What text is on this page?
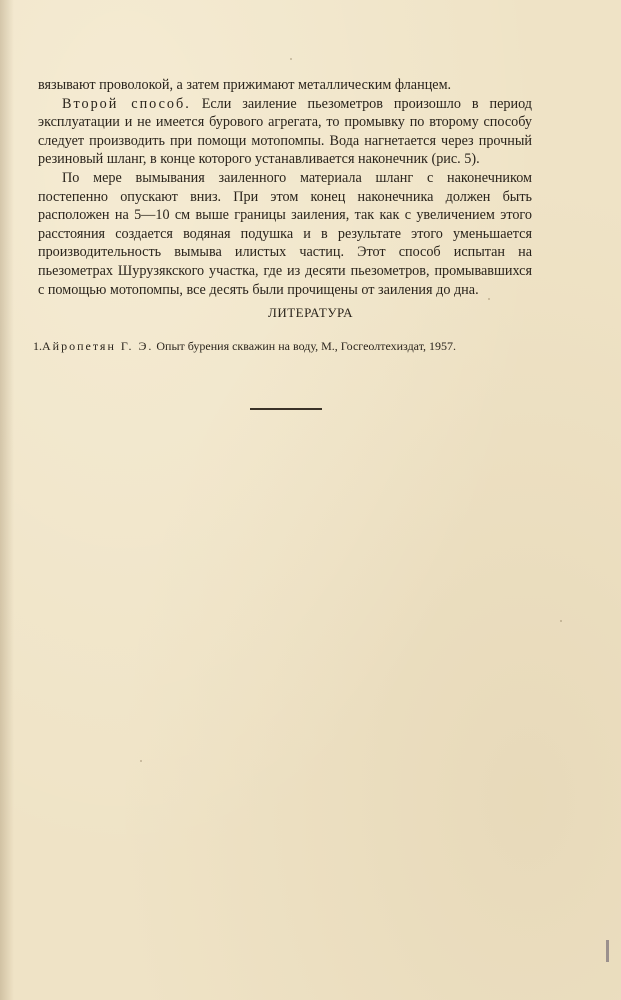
вязывают проволокой, а затем прижимают металлическим фланцем.

Второй способ. Если заиление пьезометров произошло в период эксплуатации и не имеется бурового агрегата, то промывку по второму способу следует производить при помощи мотопомпы. Вода нагнетается через прочный резиновый шланг, в конце которого устанавливается наконечник (рис. 5).

По мере вымывания заиленного материала шланг с наконечником постепенно опускают вниз. При этом конец наконечника должен быть расположен на 5—10 см выше границы заиления, так как с увеличением этого расстояния создается водяная подушка и в результате этого уменьшается производительность вымыва илистых частиц. Этот способ испытан на пьезометрах Шурузякского участка, где из десяти пьезометров, промывавшихся с помощью мотопомпы, все десять были прочищены от заиления до дна.

ЛИТЕРАТУРА
1.Айропетян Г. Э. Опыт бурения скважин на воду, М., Госгеолтехиздат, 1957.
